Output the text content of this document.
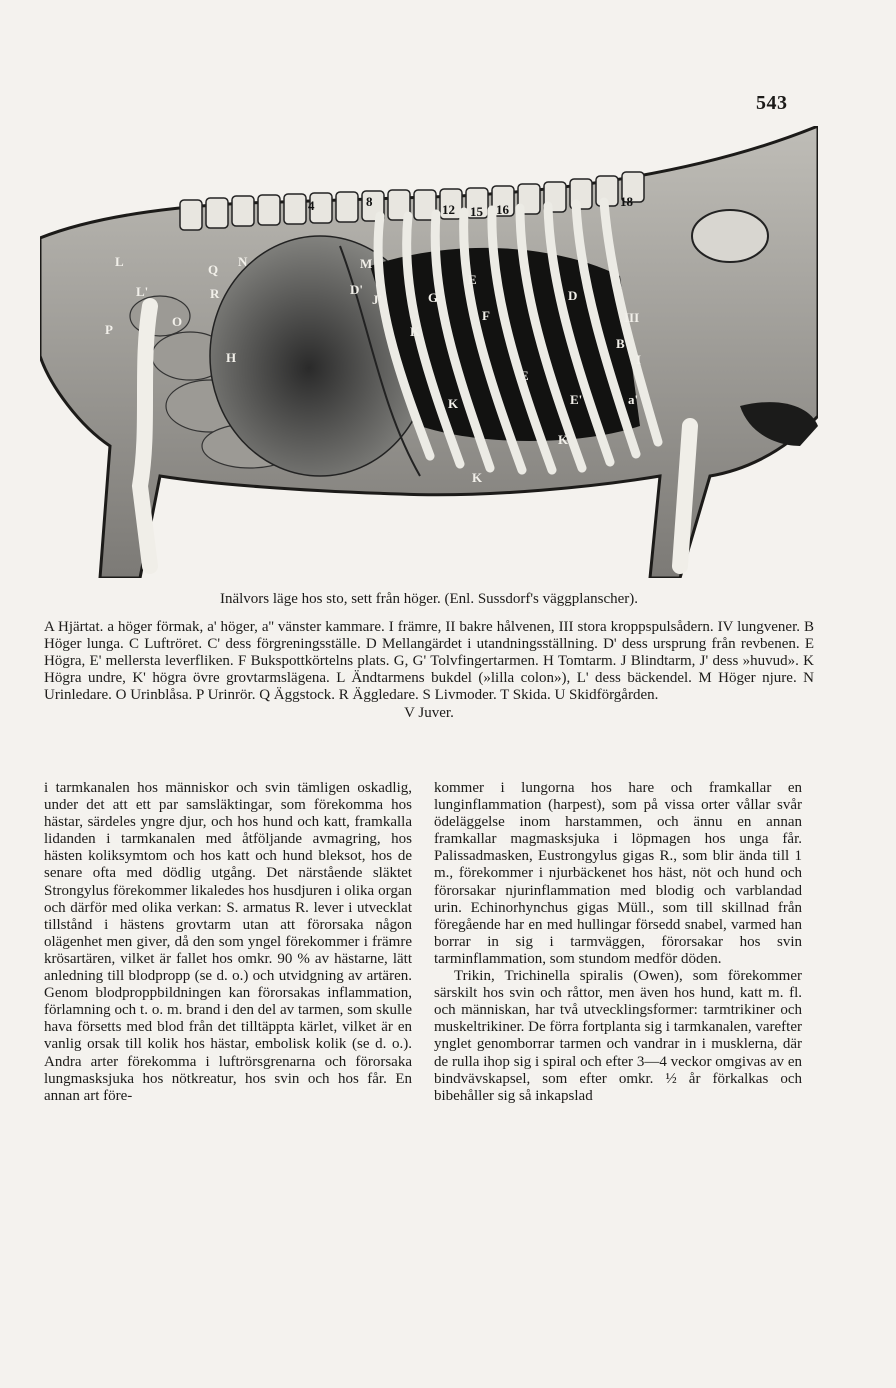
543
4	8
12 15 16
18
L
L'
P
Q
R
N
O
H
M
D'
J'	G
E
F
E
E'
D
III
B
I
a'
K
K
K'
K
Inälvors läge hos sto, sett från höger. (Enl. Sussdorf's väggplanscher).
A Hjärtat. a höger förmak, a' höger, a'' vänster kammare. I främre, II bakre hålvenen, III stora kroppspulsådern. IV lungvener. B Höger lunga. C Luftröret. C' dess förgreningsställe. D Mellangärdet i utandningsställning. D' dess ursprung från revbenen. E Högra, E' mellersta leverfliken. F Bukspottkörtelns plats. G, G' Tolvfingertarmen. H Tomtarm. J Blindtarm, J' dess »huvud». K Högra undre, K' högra övre grovtarmslägena. L Ändtarmens bukdel (»lilla colon»), L' dess bäckendel. M Höger njure. N Urinledare. O Urinblåsa. P Urinrör. Q Äggstock. R Äggledare. S Livmoder. T Skida. U Skidförgården.
V Juver.

i tarmkanalen hos människor och svin tämligen oskadlig, under det att ett par samsläktingar, som förekomma hos hästar, särdeles yngre djur, och hos hund och katt, framkalla lidanden i tarmkanalen med åtföljande avmagring, hos hästen koliksymtom och hos katt och hund bleksot, hos de senare ofta med dödlig utgång. Det närstående släktet Strongylus förekommer likaledes hos husdjuren i olika organ och därför med olika verkan: S. armatus R. lever i utvecklat tillstånd i hästens grovtarm utan att förorsaka någon olägenhet men giver, då den som yngel förekommer i främre krösartären, vilket är fallet hos omkr. 90 % av hästarne, lätt anledning till blodpropp (se d. o.) och utvidgning av artären. Genom blodproppbildningen kan förorsakas inflammation, förlamning och t. o. m. brand i den del av tarmen, som skulle hava försetts med blod från det tilltäppta kärlet, vilket är en vanlig orsak till kolik hos hästar, embolisk kolik (se d. o.). Andra arter förekomma i luftrörsgrenarna och förorsaka lungmasksjuka hos nötkreatur, hos svin och hos får. En annan art före-

kommer i lungorna hos hare och framkallar en lunginflammation (harpest), som på vissa orter vållar svår ödeläggelse inom harstammen, och ännu en annan framkallar magmasksjuka i löpmagen hos unga får. Palissadmasken, Eustrongylus gigas R., som blir ända till 1 m., förekommer i njurbäckenet hos häst, nöt och hund och förorsakar njurinflammation med blodig och varblandad urin. Echinorhynchus gigas Müll., som till skillnad från föregående har en med hullingar försedd snabel, varmed han borrar in sig i tarmväggen, förorsakar hos svin tarminflammation, som stundom medför döden.

Trikin, Trichinella spiralis (Owen), som förekommer särskilt hos svin och råttor, men även hos hund, katt m. fl. och människan, har två utvecklingsformer: tarmtrikiner och muskeltrikiner. De förra fortplanta sig i tarmkanalen, varefter ynglet genomborrar tarmen och vandrar in i musklerna, där de rulla ihop sig i spiral och efter 3—4 veckor omgivas av en bindvävskapsel, som efter omkr. ½ år förkalkas och bibehåller sig så inkapslad
